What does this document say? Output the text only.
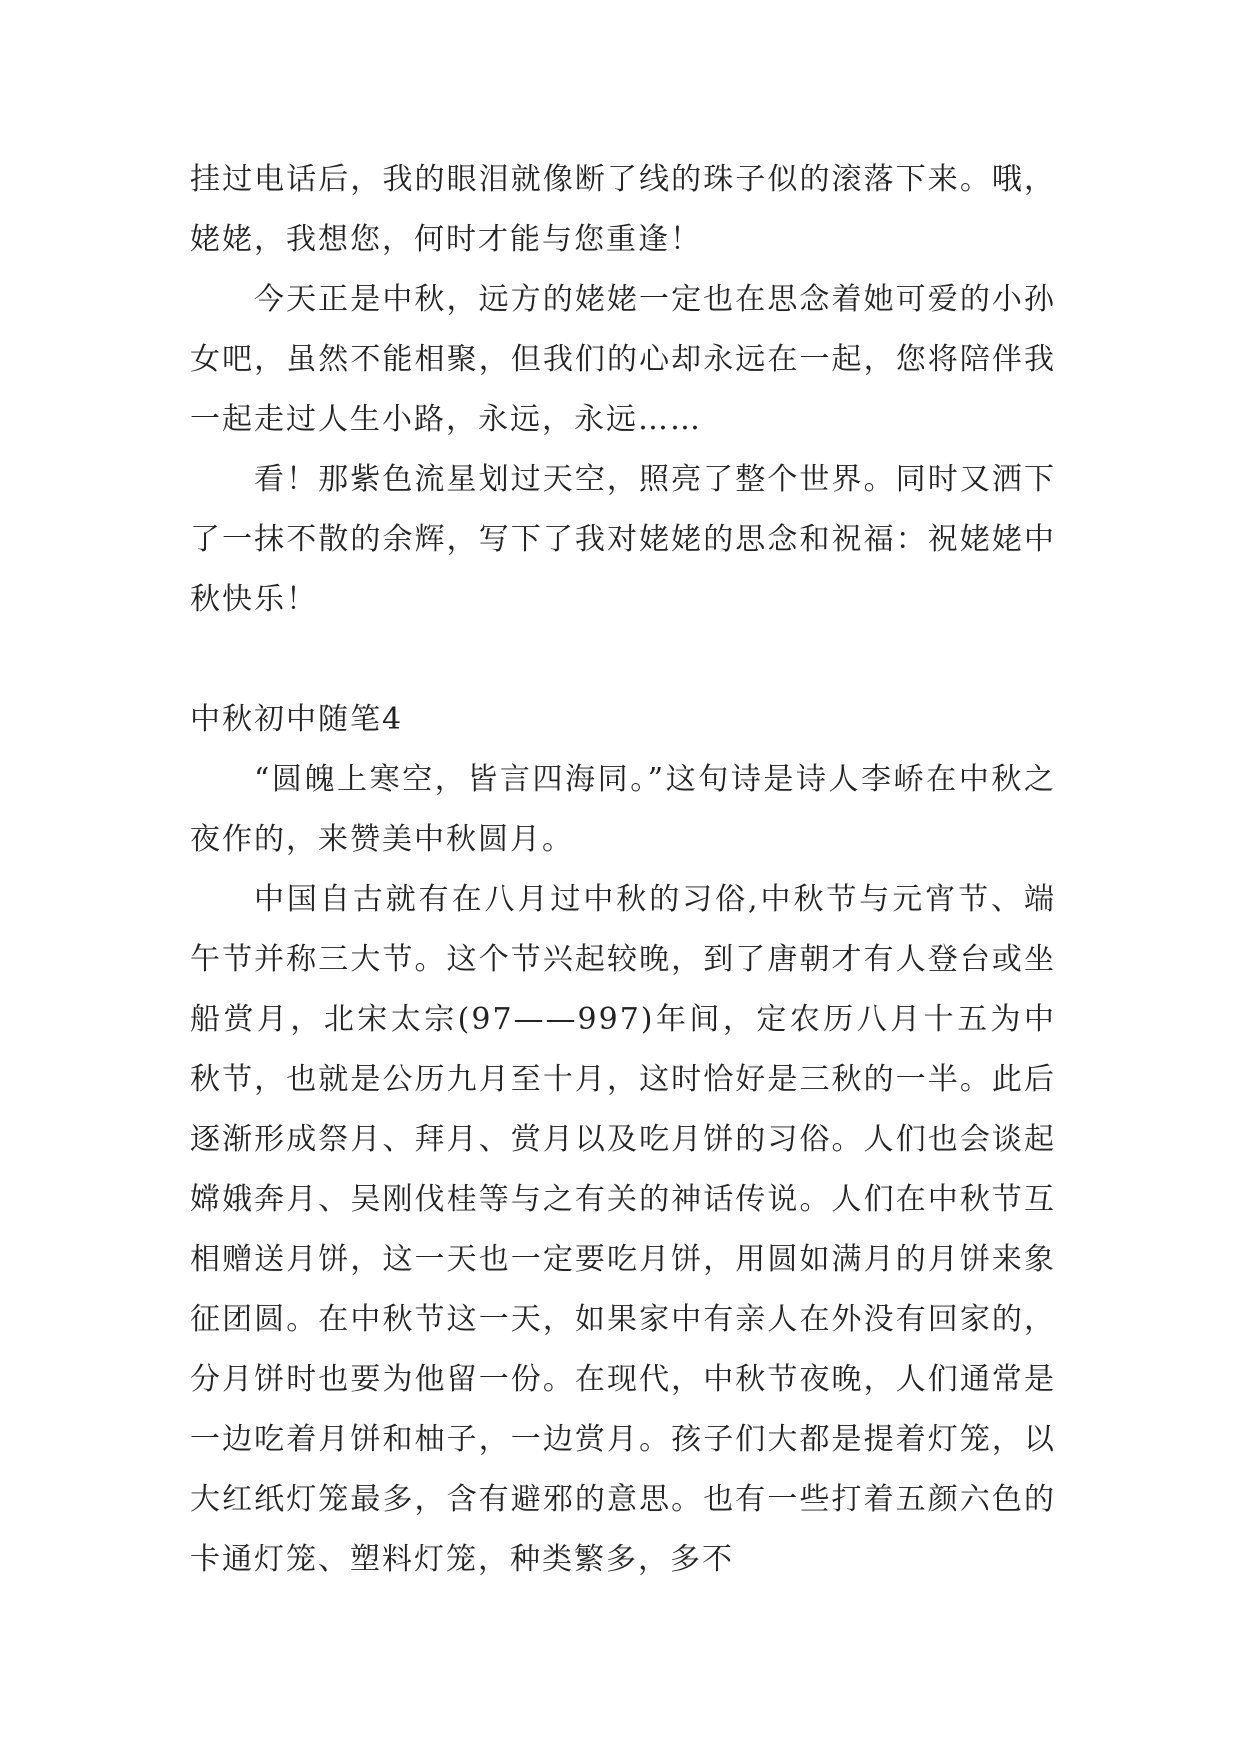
挂过电话后，我的眼泪就像断了线的珠子似的滚落下来。哦，姥姥，我想您，何时才能与您重逢！

今天正是中秋，远方的姥姥一定也在思念着她可爱的小孙女吧，虽然不能相聚，但我们的心却永远在一起，您将陪伴我一起走过人生小路，永远，永远……

看！那紫色流星划过天空，照亮了整个世界。同时又洒下了一抹不散的余辉，写下了我对姥姥的思念和祝福：祝姥姥中秋快乐！

中秋初中随笔4

“圆魄上寒空，皆言四海同。”这句诗是诗人李峤在中秋之夜作的，来赞美中秋圆月。

中国自古就有在八月过中秋的习俗,中秋节与元宵节、端午节并称三大节。这个节兴起较晚，到了唐朝才有人登台或坐船赏月，北宋太宗(97——997)年间，定农历八月十五为中秋节，也就是公历九月至十月，这时恰好是三秋的一半。此后逐渐形成祭月、拜月、赏月以及吃月饼的习俗。人们也会谈起嫦娥奔月、吴刚伐桂等与之有关的神话传说。人们在中秋节互相赠送月饼，这一天也一定要吃月饼，用圆如满月的月饼来象征团圆。在中秋节这一天，如果家中有亲人在外没有回家的，分月饼时也要为他留一份。在现代，中秋节夜晚，人们通常是一边吃着月饼和柚子，一边赏月。孩子们大都是提着灯笼，以大红纸灯笼最多，含有避邪的意思。也有一些打着五颜六色的卡通灯笼、塑料灯笼，种类繁多，多不
